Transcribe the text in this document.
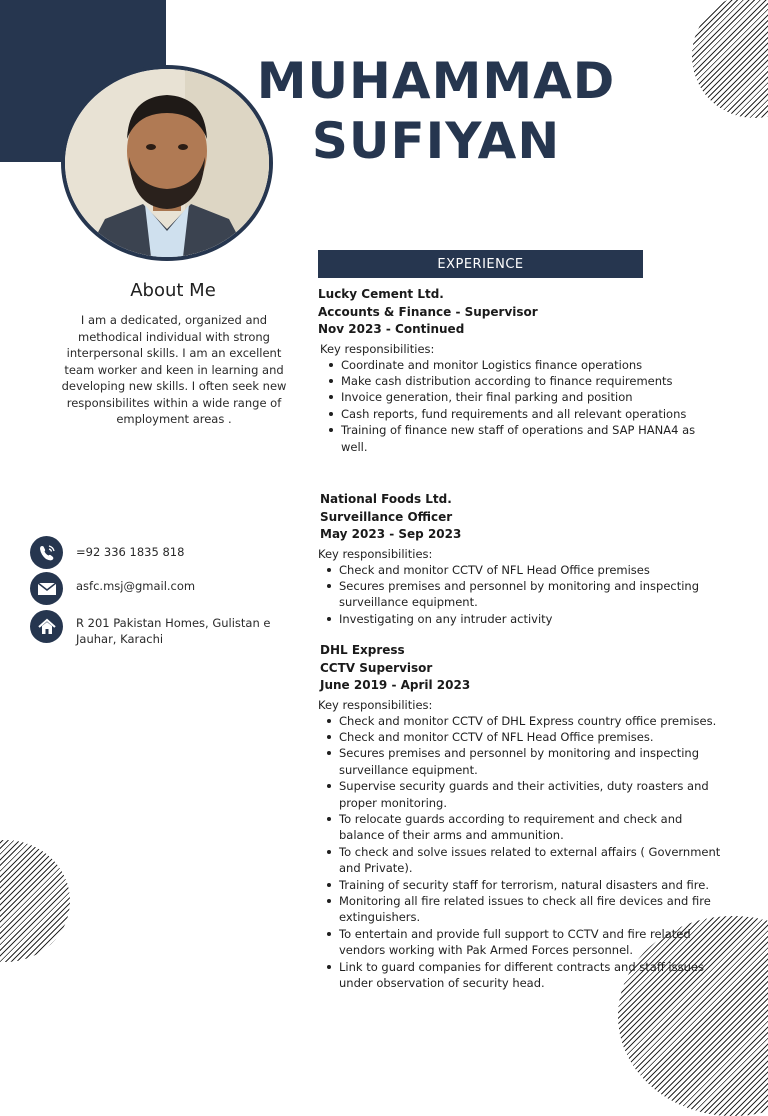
MUHAMMAD
SUFIYAN
EXPERIENCE
About Me
I am a dedicated, organized and methodical individual with strong interpersonal skills. I am an excellent team worker and keen in learning and developing new skills. I often seek new responsibilites within a wide range of employment areas .
=92 336 1835 818
asfc.msj@gmail.com
R 201 Pakistan Homes, Gulistan e Jauhar, Karachi
Lucky Cement Ltd.
Accounts & Finance - Supervisor
Nov 2023 - Continued
Key responsibilities:
Coordinate and monitor Logistics finance operations
Make cash distribution according to finance requirements
Invoice generation, their final parking and position
Cash reports, fund requirements and all relevant operations
Training of finance new staff of operations and SAP HANA4 as well.
National Foods Ltd.
Surveillance Officer
May 2023 - Sep 2023
Key responsibilities:
Check and monitor CCTV of NFL Head Office premises
Secures premises and personnel by monitoring and inspecting surveillance equipment.
Investigating on any intruder activity
DHL Express
CCTV Supervisor
June 2019 - April 2023
Key responsibilities:
Check and monitor CCTV of DHL Express country office premises.
Check and monitor CCTV of NFL Head Office premises.
Secures premises and personnel by monitoring and inspecting surveillance equipment.
Supervise security guards and their activities, duty roasters and proper monitoring.
To relocate guards according to requirement and check and balance of their arms and ammunition.
To check and solve issues related to external affairs ( Government and Private).
Training of security staff for terrorism, natural disasters and fire.
Monitoring all fire related issues to check all fire devices and fire extinguishers.
To entertain and provide full support to CCTV and fire related vendors working with Pak Armed Forces personnel.
Link to guard companies for different contracts and staff issues under observation of security head.
